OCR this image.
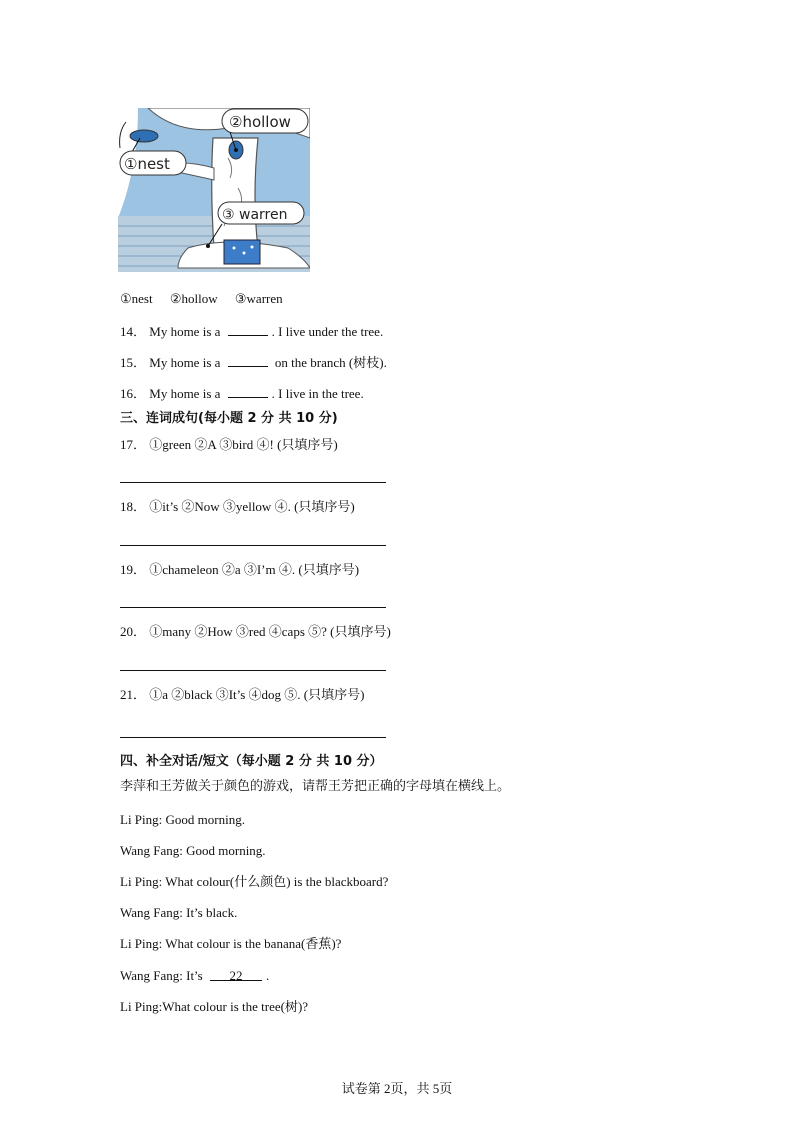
②hollow
①nest
③ warren
①nest ②hollow ③warren
14． My home is a	. I live under the tree.
15． My home is a	on the branch (树枝).
16． My home is a	. I live in the tree.
三、连词成句(每小题 2 分 共 10 分)
17． ①green ②A ③bird ④! (只填序号)
18． ①it’s ②Now ③yellow ④. (只填序号)
19． ①chameleon ②a ③I’m ④. (只填序号)
20． ①many ②How ③red ④caps ⑤? (只填序号)
21． ①a ②black ③It’s ④dog ⑤. (只填序号)
四、补全对话/短文（每小题 2 分 共 10 分）
李萍和王芳做关于颜色的游戏，请帮王芳把正确的字母填在横线上。
Li Ping: Good morning.
Wang Fang: Good morning.
Li Ping: What colour(什么颜色) is the blackboard?
Wang Fang: It’s black.
Li Ping: What colour is the banana(香蕉)?
Wang Fang: It’s 22 .
Li Ping:What colour is the tree(树)?
试卷第 2页，共 5页
